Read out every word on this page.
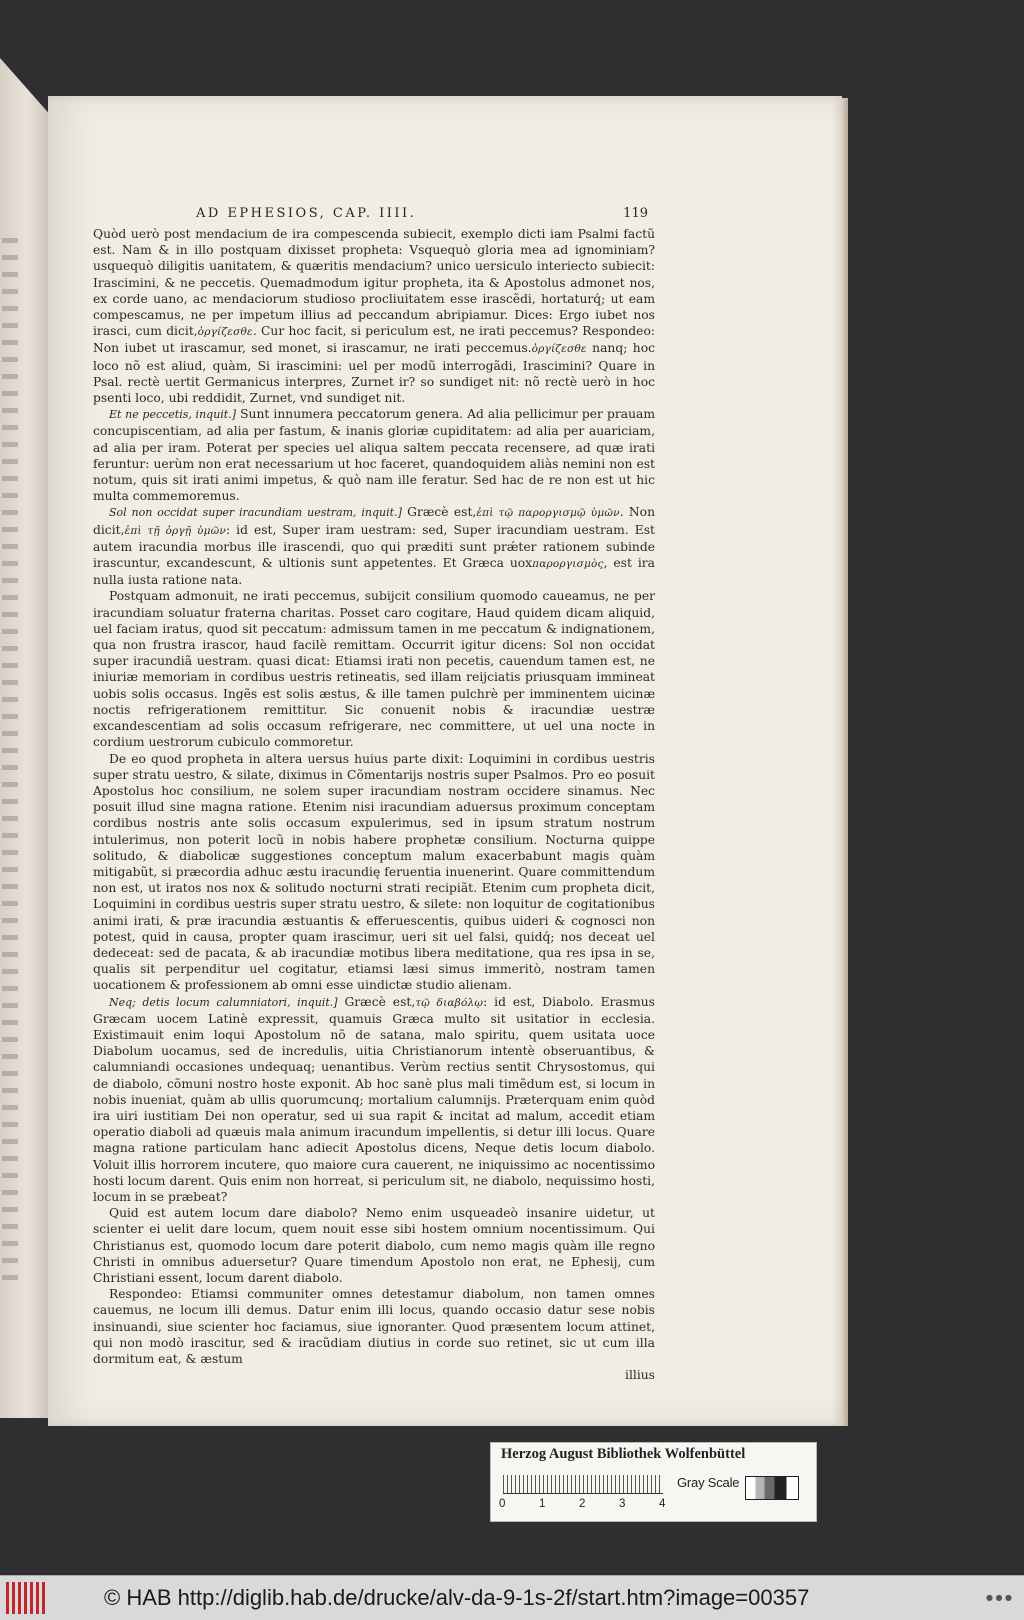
AD EPHESIOS, CAP. IIII.	119

Quòd uerò post mendacium de ira compescenda subiecit, exemplo dicti iam Psalmi factũ est. Nam & in illo postquam dixisset propheta: Vsquequò gloria mea ad ignominiam? usquequò diligitis uanitatem, & quæritis mendacium? unico uersiculo interiecto subiecit: Irascimini, & ne peccetis. Quemadmodum igitur propheta, ita & Apostolus admonet nos, ex corde uano, ac mendaciorum studioso procliuitatem esse irascẽdi, hortaturq́; ut eam compescamus, ne per impetum illius ad peccandum abripiamur. Dices: Ergo iubet nos irasci, cum dicit,ὀργίζεσθε. Cur hoc facit, si periculum est, ne irati peccemus? Respondeo: Non iubet ut irascamur, sed monet, si irascamur, ne irati peccemus.ὀργίζεσθε nanq; hoc loco nõ est aliud, quàm, Si irascimini: uel per modũ interrogãdi, Irascimini? Quare in Psal. rectè uertit Germanicus interpres, Zurnet ir? so sundiget nit: nõ rectè uerò in hoc psenti loco, ubi reddidit, Zurnet, vnd sundiget nit.

Et ne peccetis, inquit.] Sunt innumera peccatorum genera. Ad alia pellicimur per prauam concupiscentiam, ad alia per fastum, & inanis gloriæ cupiditatem: ad alia per auariciam, ad alia per iram. Poterat per species uel aliqua saltem peccata recensere, ad quæ irati feruntur: uerùm non erat necessarium ut hoc faceret, quandoquidem aliàs nemini non est notum, quis sit irati animi impetus, & quò nam ille feratur. Sed hac de re non est ut hic multa commemoremus.

Sol non occidat super iracundiam uestram, inquit.] Græcè est,ἐπὶ τῷ παροργισμῷ ὑμῶν. Non dicit,ἐπὶ τῇ ὀργῇ ὑμῶν: id est, Super iram uestram: sed, Super iracundiam uestram. Est autem iracundia morbus ille irascendi, quo qui præditi sunt prǽter rationem subinde irascuntur, excandescunt, & ultionis sunt appetentes. Et Græca uoxπαροργισμὸς, est ira nulla iusta ratione nata.

Postquam admonuit, ne irati peccemus, subijcit consilium quomodo caueamus, ne per iracundiam soluatur fraterna charitas. Posset caro cogitare, Haud quidem dicam aliquid, uel faciam iratus, quod sit peccatum: admissum tamen in me peccatum & indignationem, qua non frustra irascor, haud facilè remittam. Occurrit igitur dicens: Sol non occidat super iracundiã uestram. quasi dicat: Etiamsi irati non pecetis, cauendum tamen est, ne iniuriæ memoriam in cordibus uestris retineatis, sed illam reijciatis priusquam immineat uobis solis occasus. Ingẽs est solis æstus, & ille tamen pulchrè per imminentem uicinæ noctis refrigerationem remittitur. Sic conuenit nobis & iracundiæ uestræ excandescentiam ad solis occasum refrigerare, nec committere, ut uel una nocte in cordium uestrorum cubiculo commoretur.

De eo quod propheta in altera uersus huius parte dixit: Loquimini in cordibus uestris super stratu uestro, & silate, diximus in Cõmentarijs nostris super Psalmos. Pro eo posuit Apostolus hoc consilium, ne solem super iracundiam nostram occidere sinamus. Nec posuit illud sine magna ratione. Etenim nisi iracundiam aduersus proximum conceptam cordibus nostris ante solis occasum expulerimus, sed in ipsum stratum nostrum intulerimus, non poterit locũ in nobis habere prophetæ consilium. Nocturna quippe solitudo, & diabolicæ suggestiones conceptum malum exacerbabunt magis quàm mitigabũt, si præcordia adhuc æstu iracundię feruentia inuenerint. Quare committendum non est, ut iratos nos nox & solitudo nocturni strati recipiãt. Etenim cum propheta dicit, Loquimini in cordibus uestris super stratu uestro, & silete: non loquitur de cogitationibus animi irati, & præ iracundia æstuantis & efferuescentis, quibus uideri & cognosci non potest, quid in causa, propter quam irascimur, ueri sit uel falsi, quidq́; nos deceat uel dedeceat: sed de pacata, & ab iracundiæ motibus libera meditatione, qua res ipsa in se, qualis sit perpenditur uel cogitatur, etiamsi læsi simus immeritò, nostram tamen uocationem & professionem ab omni esse uindictæ studio alienam.

Neq; detis locum calumniatori, inquit.] Græcè est,τῷ διαβόλῳ: id est, Diabolo. Erasmus Græcam uocem Latinè expressit, quamuis Græca multo sit usitatior in ecclesia. Existimauit enim loqui Apostolum nõ de satana, malo spiritu, quem usitata uoce Diabolum uocamus, sed de incredulis, uitia Christianorum intentè obseruantibus, & calumniandi occasiones undequaq; uenantibus. Verùm rectius sentit Chrysostomus, qui de diabolo, cõmuni nostro hoste exponit. Ab hoc sanè plus mali timẽdum est, si locum in nobis inueniat, quàm ab ullis quorumcunq; mortalium calumnijs. Præterquam enim quòd ira uiri iustitiam Dei non operatur, sed ui sua rapit & incitat ad malum, accedit etiam operatio diaboli ad quæuis mala animum iracundum impellentis, si detur illi locus. Quare magna ratione particulam hanc adiecit Apostolus dicens, Neque detis locum diabolo. Voluit illis horrorem incutere, quo maiore cura cauerent, ne iniquissimo ac nocentissimo hosti locum darent. Quis enim non horreat, si periculum sit, ne diabolo, nequissimo hosti, locum in se præbeat?

Quid est autem locum dare diabolo? Nemo enim usqueadeò insanire uidetur, ut scienter ei uelit dare locum, quem nouit esse sibi hostem omnium nocentissimum. Qui Christianus est, quomodo locum dare poterit diabolo, cum nemo magis quàm ille regno Christi in omnibus aduersetur? Quare timendum Apostolo non erat, ne Ephesij, cum Christiani essent, locum darent diabolo.

Respondeo: Etiamsi communiter omnes detestamur diabolum, non tamen omnes cauemus, ne locum illi demus. Datur enim illi locus, quando occasio datur sese nobis insinuandi, siue scienter hoc faciamus, siue ignoranter. Quod præsentem locum attinet, qui non modò irascitur, sed & iracũdiam diutius in corde suo retinet, sic ut cum illa dormitum eat, & æstum

illius
Herzog August Bibliothek Wolfenbüttel
0	1	2	3	4
Gray Scale
© HAB http://diglib.hab.de/drucke/alv-da-9-1s-2f/start.htm?image=00357	● ● ●
